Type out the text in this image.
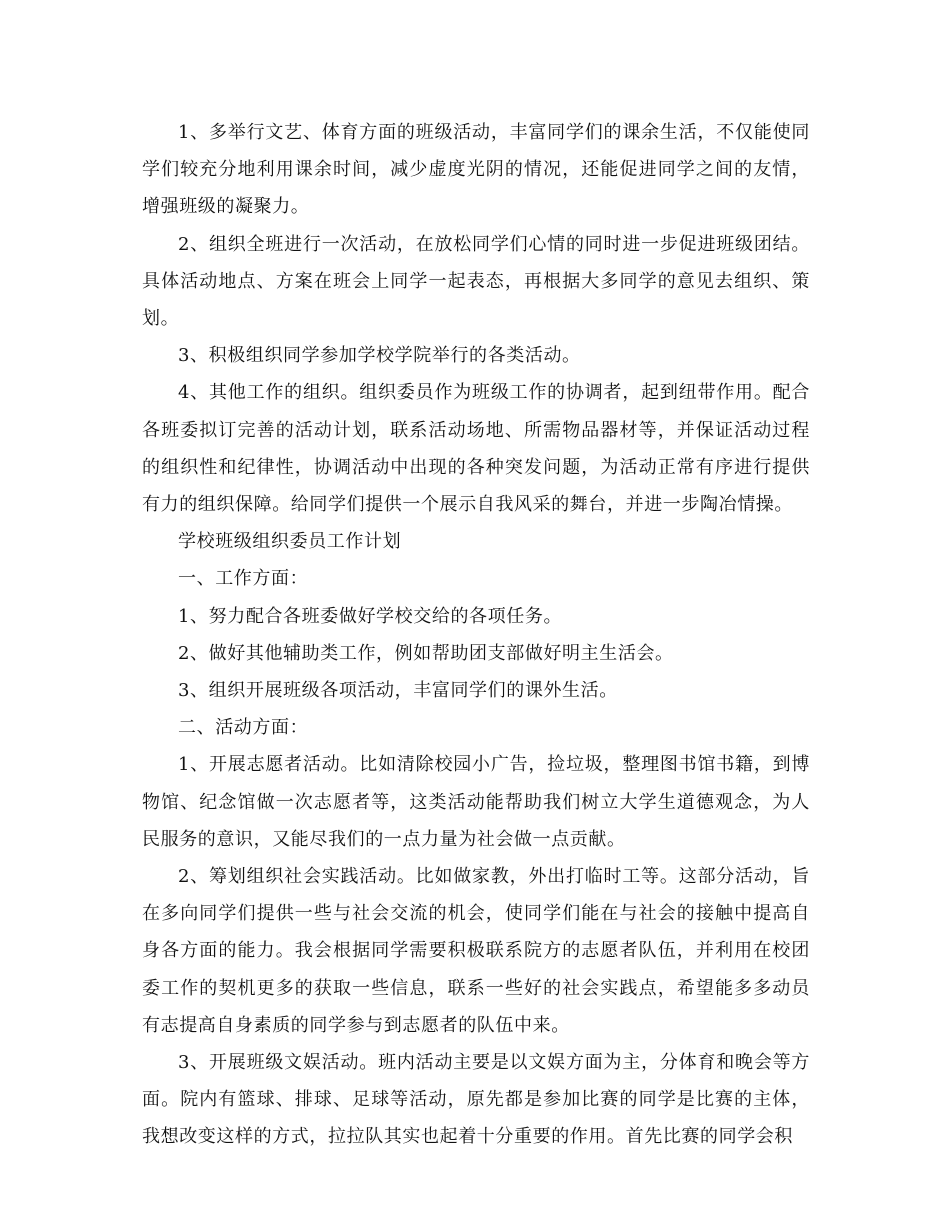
1、多举行文艺、体育方面的班级活动，丰富同学们的课余生活，不仅能使同学们较充分地利用课余时间，减少虚度光阴的情况，还能促进同学之间的友情，增强班级的凝聚力。

2、组织全班进行一次活动，在放松同学们心情的同时进一步促进班级团结。具体活动地点、方案在班会上同学一起表态，再根据大多同学的意见去组织、策划。

3、积极组织同学参加学校学院举行的各类活动。

4、其他工作的组织。组织委员作为班级工作的协调者，起到纽带作用。配合各班委拟订完善的活动计划，联系活动场地、所需物品器材等，并保证活动过程的组织性和纪律性，协调活动中出现的各种突发问题，为活动正常有序进行提供有力的组织保障。给同学们提供一个展示自我风采的舞台，并进一步陶冶情操。

学校班级组织委员工作计划

一、工作方面：

1、努力配合各班委做好学校交给的各项任务。

2、做好其他辅助类工作，例如帮助团支部做好明主生活会。

3、组织开展班级各项活动，丰富同学们的课外生活。

二、活动方面：

1、开展志愿者活动。比如清除校园小广告，捡垃圾，整理图书馆书籍，到博物馆、纪念馆做一次志愿者等，这类活动能帮助我们树立大学生道德观念，为人民服务的意识，又能尽我们的一点力量为社会做一点贡献。

2、筹划组织社会实践活动。比如做家教，外出打临时工等。这部分活动，旨在多向同学们提供一些与社会交流的机会，使同学们能在与社会的接触中提高自身各方面的能力。我会根据同学需要积极联系院方的志愿者队伍，并利用在校团委工作的契机更多的获取一些信息，联系一些好的社会实践点，希望能多多动员有志提高自身素质的同学参与到志愿者的队伍中来。

3、开展班级文娱活动。班内活动主要是以文娱方面为主，分体育和晚会等方面。院内有篮球、排球、足球等活动，原先都是参加比赛的同学是比赛的主体，我想改变这样的方式，拉拉队其实也起着十分重要的作用。首先比赛的同学会积
